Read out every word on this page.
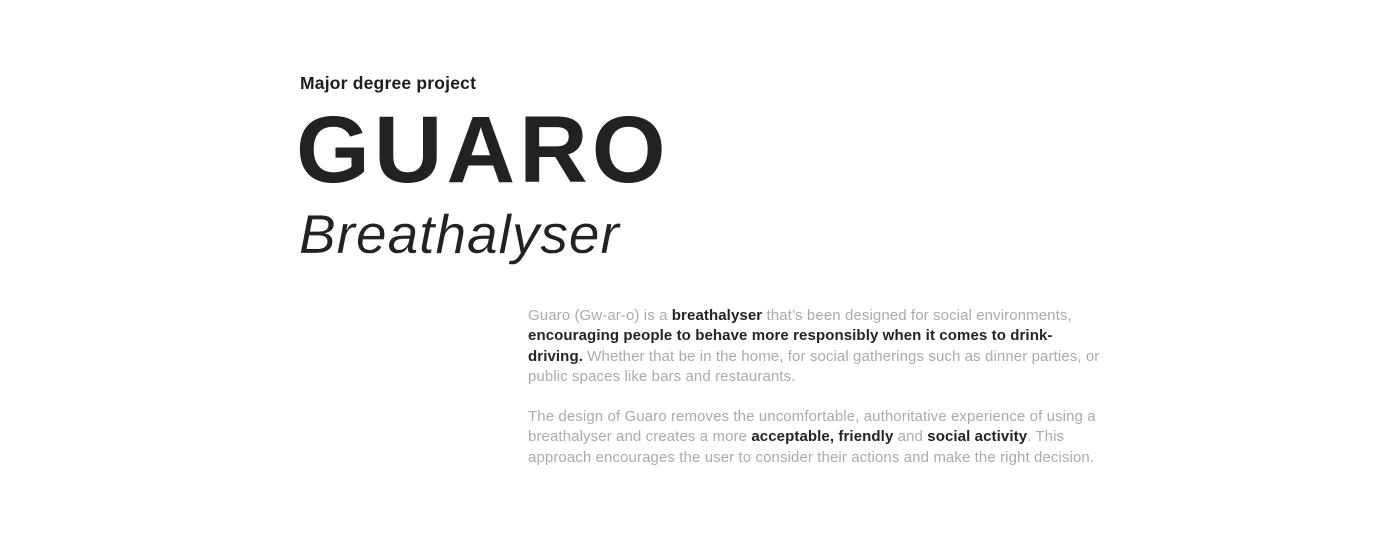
Major degree project
GUARO
Breathalyser

Guaro (Gw-ar-o) is a breathalyser that’s been designed for social environments, encouraging people to behave more responsibly when it comes to drink-driving. Whether that be in the home, for social gatherings such as dinner parties, or public spaces like bars and restaurants.

The design of Guaro removes the uncomfortable, authoritative experience of using a breathalyser and creates a more acceptable, friendly and social activity. This approach encourages the user to consider their actions and make the right decision.
